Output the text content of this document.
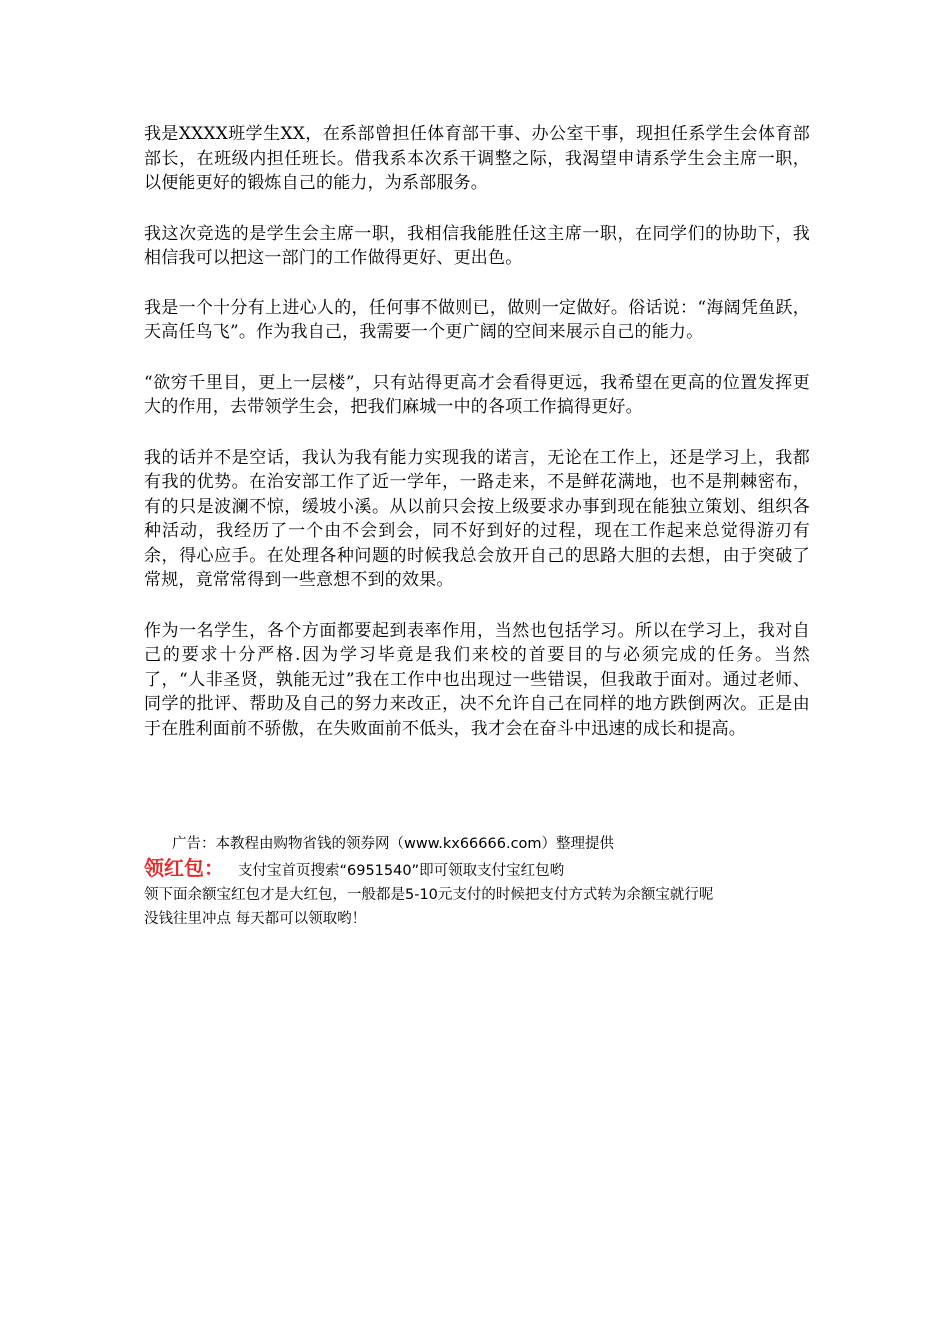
我是XXXX班学生XX，在系部曾担任体育部干事、办公室干事，现担任系学生会体育部部长，在班级内担任班长。借我系本次系干调整之际，我渴望申请系学生会主席一职，以便能更好的锻炼自己的能力，为系部服务。

我这次竞选的是学生会主席一职，我相信我能胜任这主席一职，在同学们的协助下，我相信我可以把这一部门的工作做得更好、更出色。

我是一个十分有上进心人的，任何事不做则已，做则一定做好。俗话说：“海阔凭鱼跃，天高任鸟飞”。作为我自己，我需要一个更广阔的空间来展示自己的能力。

“欲穷千里目，更上一层楼”，只有站得更高才会看得更远，我希望在更高的位置发挥更大的作用，去带领学生会，把我们麻城一中的各项工作搞得更好。

我的话并不是空话，我认为我有能力实现我的诺言，无论在工作上，还是学习上，我都有我的优势。在治安部工作了近一学年，一路走来，不是鲜花满地，也不是荆棘密布，有的只是波澜不惊，缓坡小溪。从以前只会按上级要求办事到现在能独立策划、组织各种活动，我经历了一个由不会到会，同不好到好的过程，现在工作起来总觉得游刃有余，得心应手。在处理各种问题的时候我总会放开自己的思路大胆的去想，由于突破了常规，竟常常得到一些意想不到的效果。

作为一名学生，各个方面都要起到表率作用，当然也包括学习。所以在学习上，我对自己的要求十分严格.因为学习毕竟是我们来校的首要目的与必须完成的任务。当然了，“人非圣贤，孰能无过”我在工作中也出现过一些错误，但我敢于面对。通过老师、同学的批评、帮助及自己的努力来改正，决不允许自己在同样的地方跌倒两次。正是由于在胜利面前不骄傲，在失败面前不低头，我才会在奋斗中迅速的成长和提高。

广告：本教程由购物省钱的领券网（www.kx66666.com）整理提供
领红包： 支付宝首页搜索“6951540”即可领取支付宝红包哟
领下面余额宝红包才是大红包，一般都是5-10元支付的时候把支付方式转为余额宝就行呢
没钱往里冲点 每天都可以领取哟！
